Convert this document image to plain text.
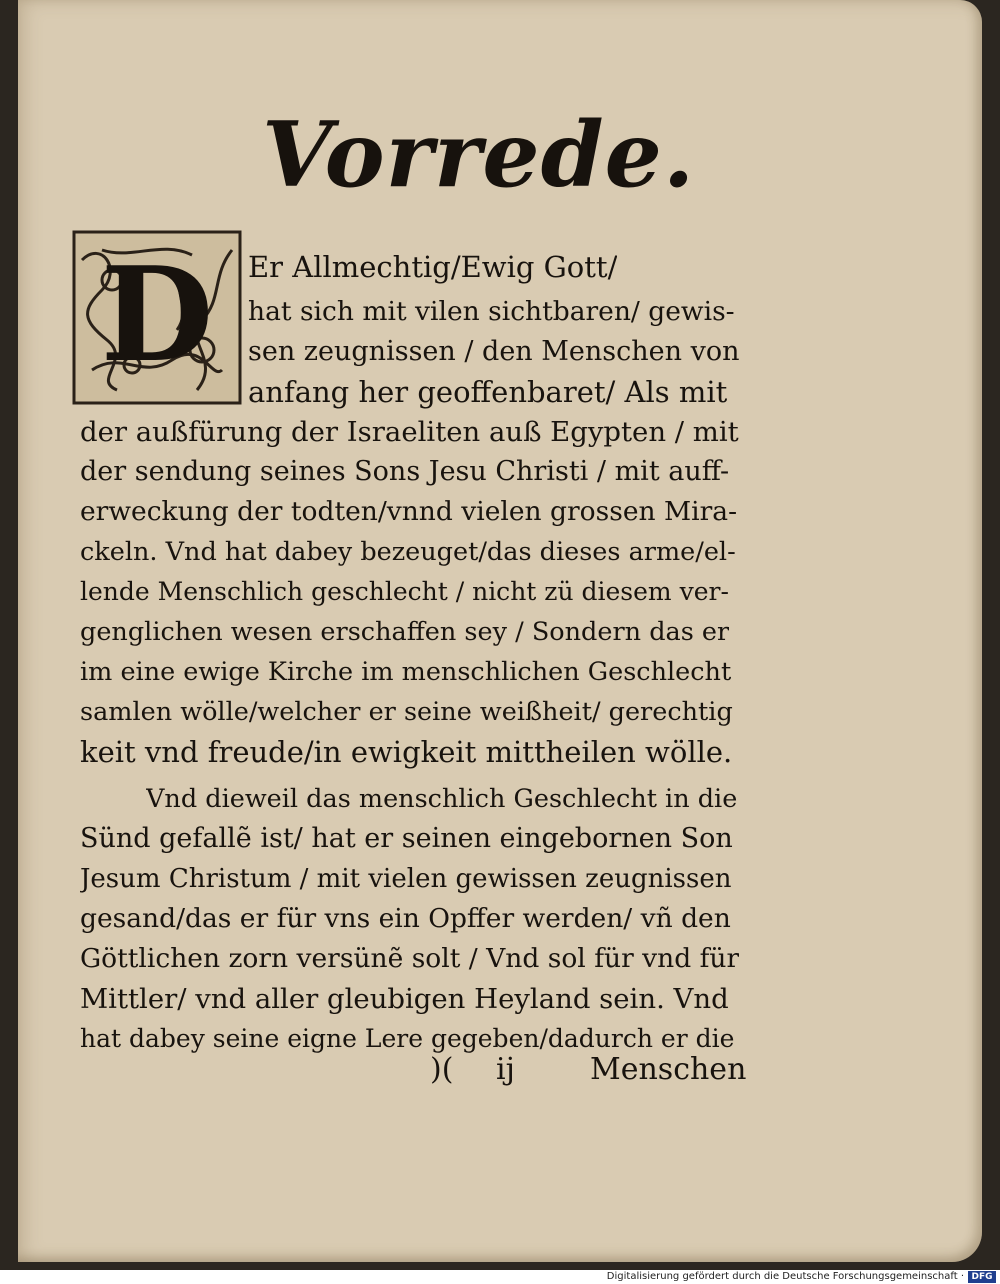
Vorrede.
D Er Allmechtig/Ewig Gott/
hat sich mit vilen sichtbaren/ gewis-
sen zeugnissen / den Menschen von
anfang her geoffenbaret/ Als mit
der außfürung der Israeliten auß Egypten / mit
der sendung seines Sons Jesu Christi / mit auff-
erweckung der todten/vnnd vielen grossen Mira-
ckeln. Vnd hat dabey bezeuget/das dieses arme/el-
lende Menschlich geschlecht / nicht zü diesem ver-
genglichen wesen erschaffen sey / Sondern das er
im eine ewige Kirche im menschlichen Geschlecht
samlen wölle/welcher er seine weißheit/ gerechtig
keit vnd freude/in ewigkeit mittheilen wölle.
Vnd dieweil das menschlich Geschlecht in die
Sünd gefallẽ ist/ hat er seinen eingebornen Son
Jesum Christum / mit vielen gewissen zeugnissen
gesand/das er für vns ein Opffer werden/ vñ den
Göttlichen zorn versünẽ solt / Vnd sol für vnd für
Mittler/ vnd aller gleubigen Heyland sein. Vnd
hat dabey seine eigne Lere gegeben/dadurch er die
)(	ij	Menschen
Digitalisierung gefördert durch die Deutsche Forschungsgemeinschaft · DFG
